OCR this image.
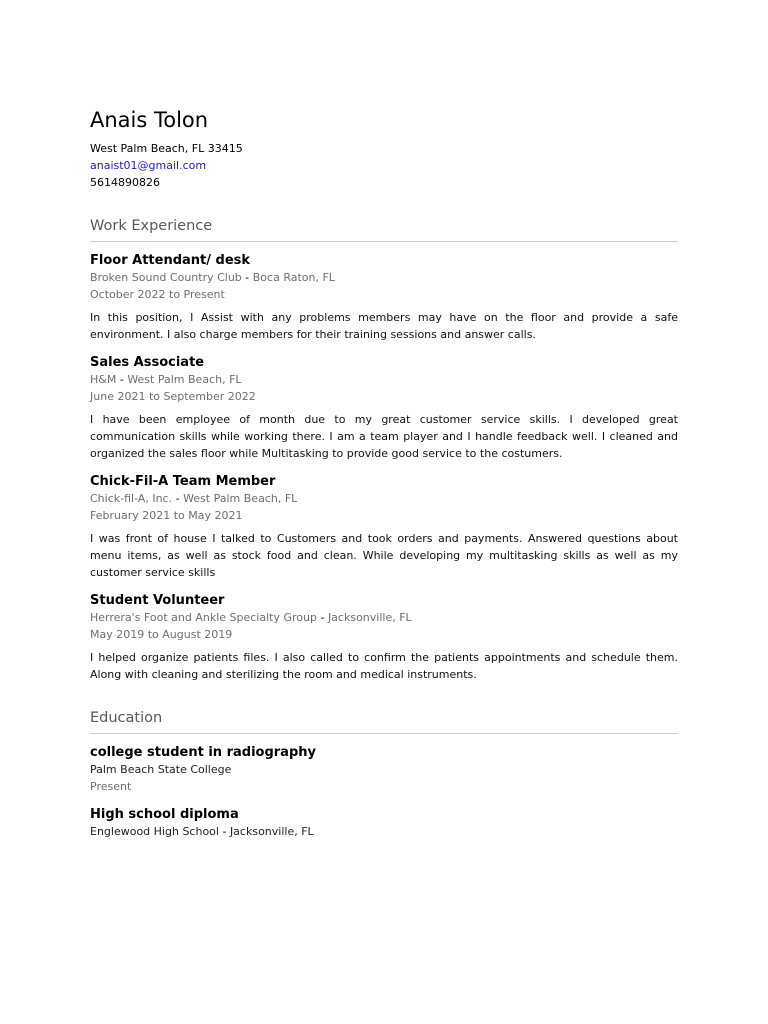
Anais Tolon

West Palm Beach, FL 33415

anaist01@gmail.com

5614890826

Work Experience

Floor Attendant/ desk

Broken Sound Country Club - Boca Raton, FL

October 2022 to Present

In this position, I Assist with any problems members may have on the floor and provide a safe environment. I also charge members for their training sessions and answer calls.

Sales Associate

H&M - West Palm Beach, FL

June 2021 to September 2022

I have been employee of month due to my great customer service skills. I developed great communication skills while working there. I am a team player and I handle feedback well. I cleaned and organized the sales floor while Multitasking to provide good service to the costumers.

Chick-Fil-A Team Member

Chick-fil-A, Inc. - West Palm Beach, FL

February 2021 to May 2021

I was front of house I talked to Customers and took orders and payments. Answered questions about menu items, as well as stock food and clean. While developing my multitasking skills as well as my customer service skills

Student Volunteer

Herrera's Foot and Ankle Specialty Group - Jacksonville, FL

May 2019 to August 2019

I helped organize patients files. I also called to confirm the patients appointments and schedule them. Along with cleaning and sterilizing the room and medical instruments.

Education

college student in radiography

Palm Beach State College

Present

High school diploma

Englewood High School - Jacksonville, FL
